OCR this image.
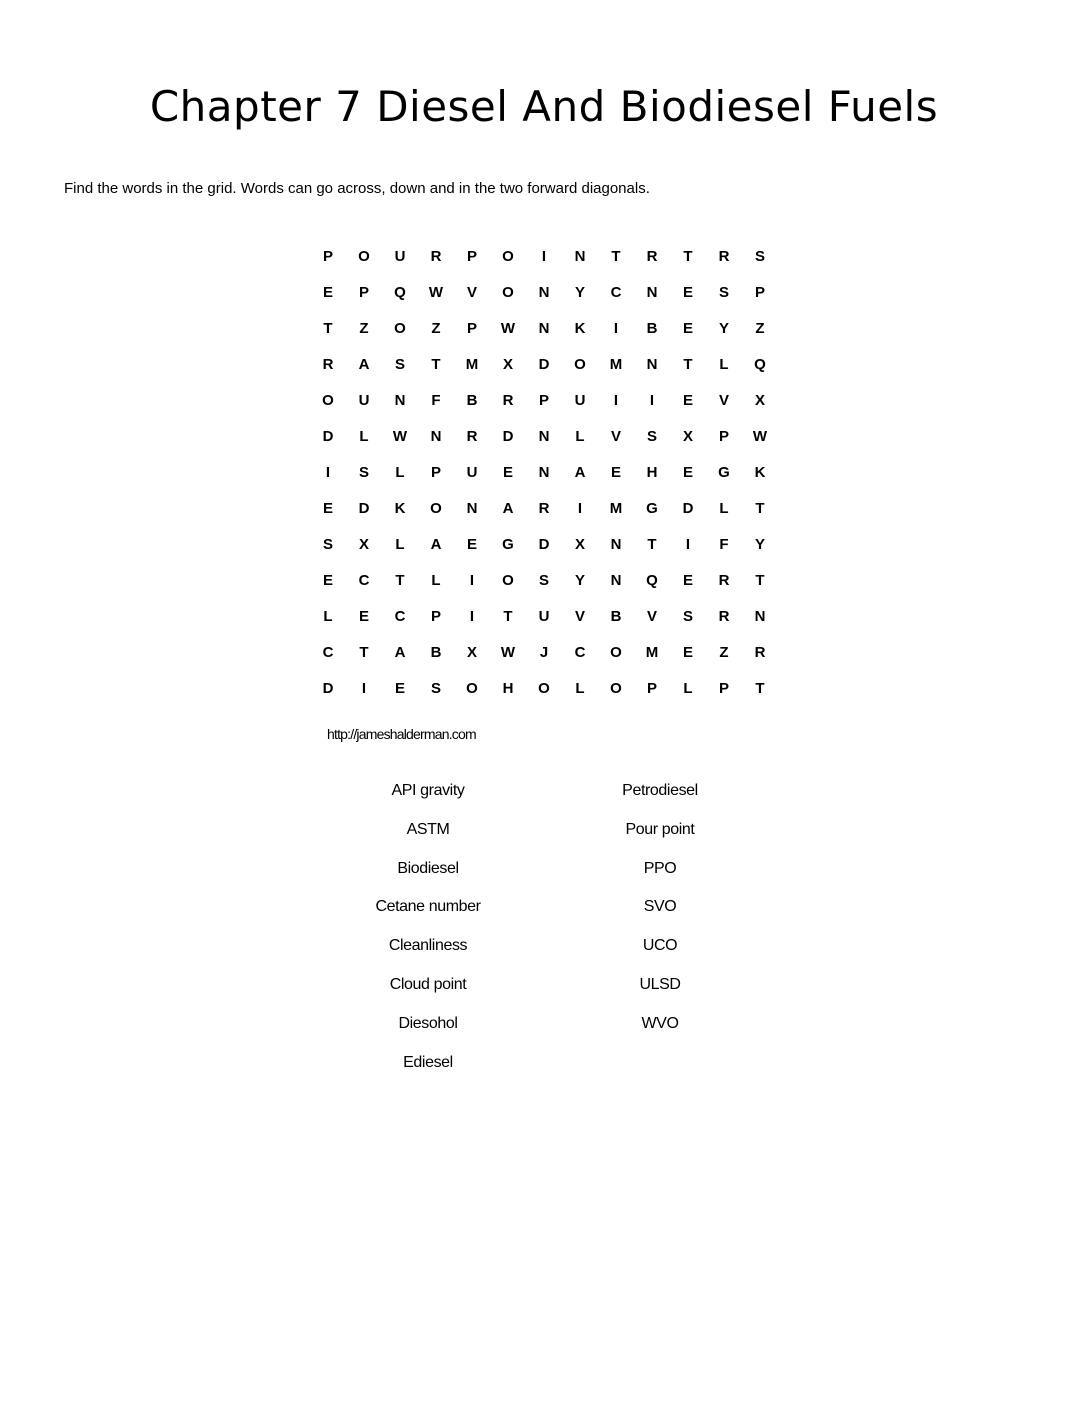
Chapter 7 Diesel And Biodiesel Fuels
Find the words in the grid. Words can go across, down and in the two forward diagonals.
P	O	U	R	P	O	I	N	T	R	T	R	S
E	P	Q	W	V	O	N	Y	C	N	E	S	P
T	Z	O	Z	P	W	N	K	I	B	E	Y	Z
R	A	S	T	M	X	D	O	M	N	T	L	Q
O	U	N	F	B	R	P	U	I	I	E	V	X
D	L	W	N	R	D	N	L	V	S	X	P	W
I	S	L	P	U	E	N	A	E	H	E	G	K
E	D	K	O	N	A	R	I	M	G	D	L	T
S	X	L	A	E	G	D	X	N	T	I	F	Y
E	C	T	L	I	O	S	Y	N	Q	E	R	T
L	E	C	P	I	T	U	V	B	V	S	R	N
C	T	A	B	X	W	J	C	O	M	E	Z	R
D	I	E	S	O	H	O	L	O	P	L	P	T
http://jameshalderman.com
API gravity
ASTM
Biodiesel
Cetane number
Cleanliness
Cloud point
Diesohol
Ediesel
Petrodiesel
Pour point
PPO
SVO
UCO
ULSD
WVO
